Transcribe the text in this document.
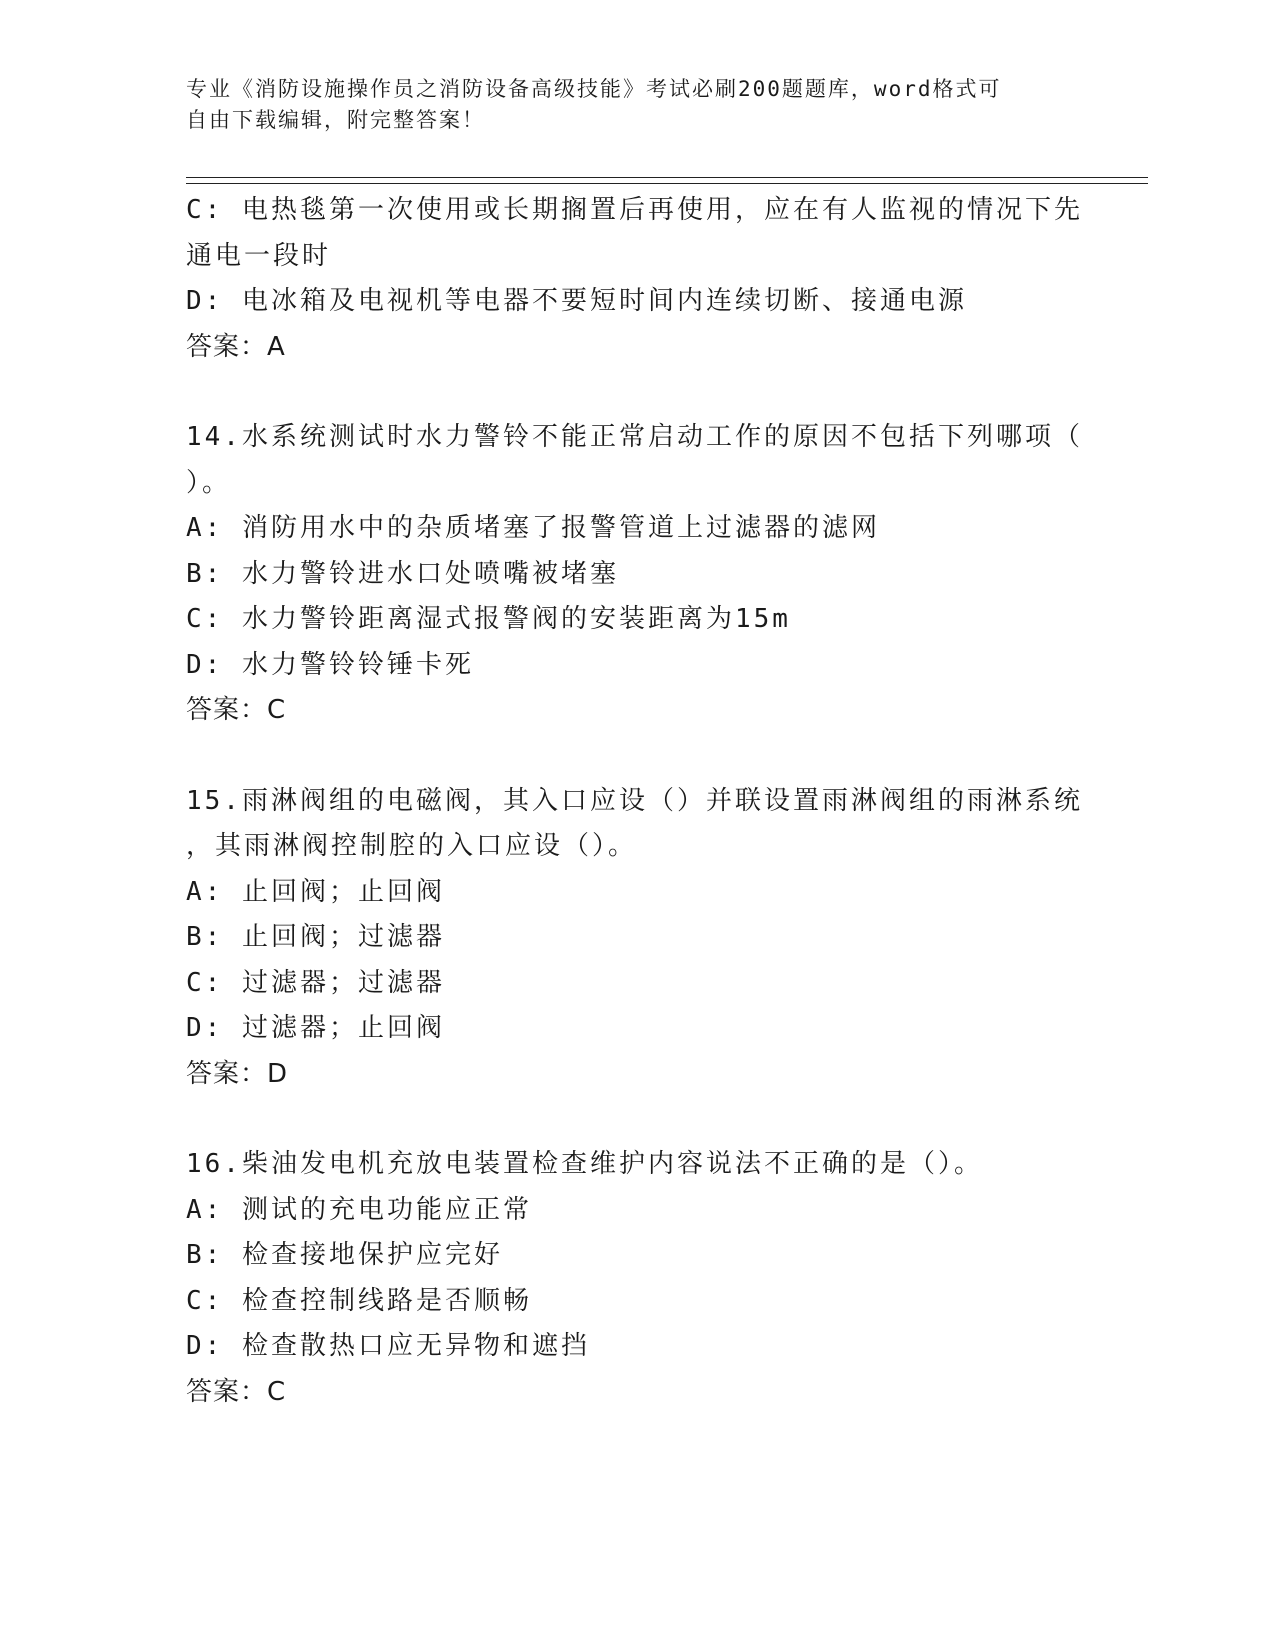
专业《消防设施操作员之消防设备高级技能》考试必刷200题题库，word格式可
自由下载编辑，附完整答案！
C: 电热毯第一次使用或长期搁置后再使用，应在有人监视的情况下先
通电一段时
D: 电冰箱及电视机等电器不要短时间内连续切断、接通电源
答案：A
14.水系统测试时水力警铃不能正常启动工作的原因不包括下列哪项（
）。
A: 消防用水中的杂质堵塞了报警管道上过滤器的滤网
B: 水力警铃进水口处喷嘴被堵塞
C: 水力警铃距离湿式报警阀的安装距离为15m
D: 水力警铃铃锤卡死
答案：C
15.雨淋阀组的电磁阀，其入口应设（）并联设置雨淋阀组的雨淋系统
，其雨淋阀控制腔的入口应设（）。
A: 止回阀；止回阀
B: 止回阀；过滤器
C: 过滤器；过滤器
D: 过滤器；止回阀
答案：D
16.柴油发电机充放电装置检查维护内容说法不正确的是（）。
A: 测试的充电功能应正常
B: 检查接地保护应完好
C: 检查控制线路是否顺畅
D: 检查散热口应无异物和遮挡
答案：C
